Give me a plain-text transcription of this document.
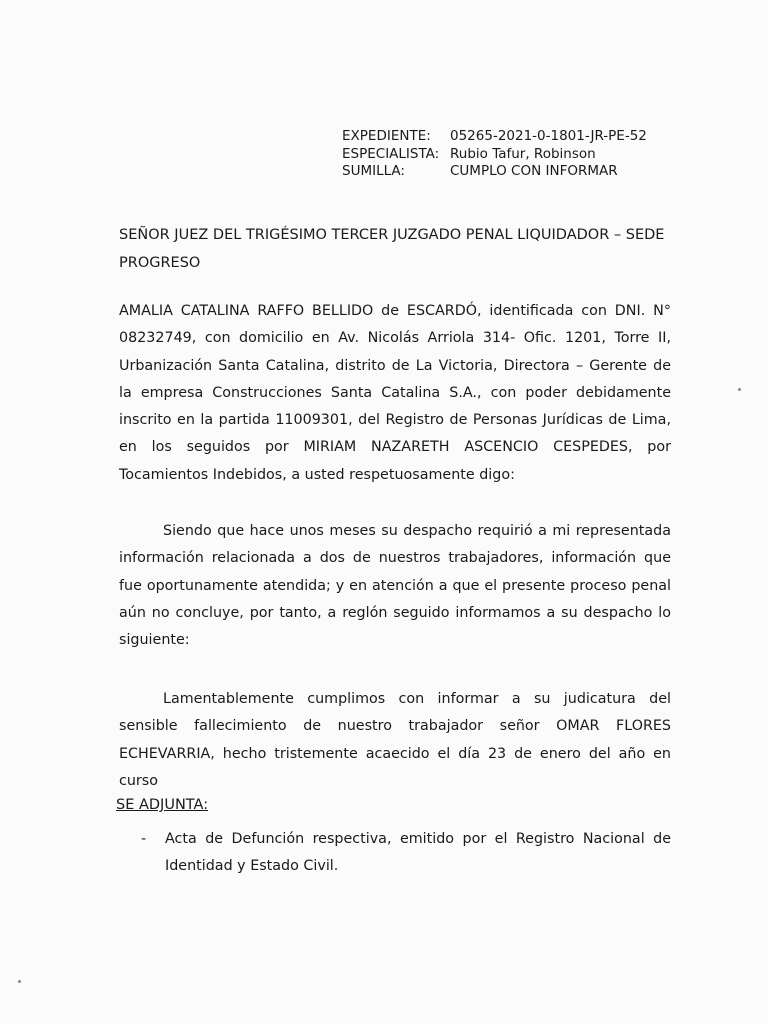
EXPEDIENTE:	05265-2021-0-1801-JR-PE-52
ESPECIALISTA: Rubio Tafur, Robinson
SUMILLA:	CUMPLO CON INFORMAR
SEÑOR JUEZ DEL TRIGÉSIMO TERCER JUZGADO PENAL LIQUIDADOR – SEDE PROGRESO
AMALIA CATALINA RAFFO BELLIDO de ESCARDÓ, identificada con DNI. N° 08232749, con domicilio en Av. Nicolás Arriola 314- Ofic. 1201, Torre II, Urbanización Santa Catalina, distrito de La Victoria, Directora – Gerente de la empresa Construcciones Santa Catalina S.A., con poder debidamente inscrito en la partida 11009301, del Registro de Personas Jurídicas de Lima, en los seguidos por MIRIAM NAZARETH ASCENCIO CESPEDES, por Tocamientos Indebidos, a usted respetuosamente digo:
Siendo que hace unos meses su despacho requirió a mi representada información relacionada a dos de nuestros trabajadores, información que fue oportunamente atendida; y en atención a que el presente proceso penal aún no concluye, por tanto, a reglón seguido informamos a su despacho lo siguiente:
Lamentablemente cumplimos con informar a su judicatura del sensible fallecimiento de nuestro trabajador señor OMAR FLORES ECHEVARRIA, hecho tristemente acaecido el día 23 de enero del año en curso
SE ADJUNTA:
-	Acta de Defunción respectiva, emitido por el Registro Nacional de Identidad y Estado Civil.
